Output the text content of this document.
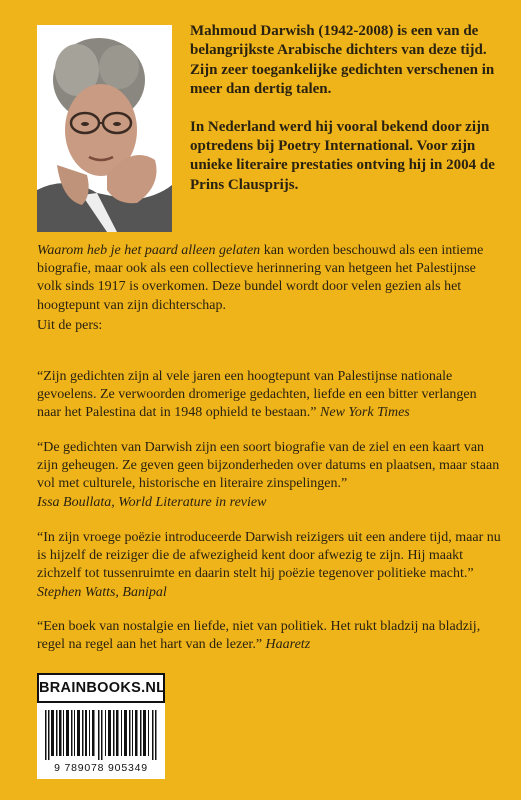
Mahmoud Darwish (1942-2008) is een van de belangrijkste Arabische dichters van deze tijd. Zijn zeer toegankelijke gedichten verschenen in meer dan dertig talen.

In Nederland werd hij vooral bekend door zijn optredens bij Poetry International. Voor zijn unieke literaire prestaties ontving hij in 2004 de Prins Clausprijs.

Waarom heb je het paard alleen gelaten kan worden beschouwd als een intieme biografie, maar ook als een collectieve herinnering van hetgeen het Palestijnse volk sinds 1917 is overkomen. Deze bundel wordt door velen gezien als het hoogtepunt van zijn dichterschap.
Uit de pers:
“Zijn gedichten zijn al vele jaren een hoogtepunt van Palestijnse nationale gevoelens. Ze verwoorden dromerige gedachten, liefde en een bitter verlangen naar het Palestina dat in 1948 ophield te bestaan.” New York Times
“De gedichten van Darwish zijn een soort biografie van de ziel en een kaart van zijn geheugen. Ze geven geen bijzonderheden over datums en plaatsen, maar staan vol met culturele, historische en literaire zinspelingen.”
Issa Boullata, World Literature in review
“In zijn vroege poëzie introduceerde Darwish reizigers uit een andere tijd, maar nu is hijzelf de reiziger die de afwezigheid kent door afwezig te zijn. Hij maakt zichzelf tot tussenruimte en daarin stelt hij poëzie tegenover politieke macht.” Stephen Watts, Banipal
“Een boek van nostalgie en liefde, niet van politiek. Het rukt bladzij na bladzij, regel na regel aan het hart van de lezer.” Haaretz
BRAINBOOKS.NL
9 789078 905349
